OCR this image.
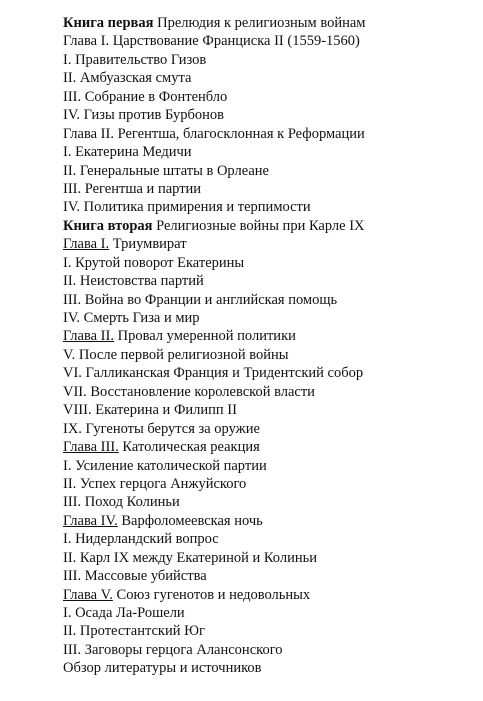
Книга первая Прелюдия к религиозным войнам
Глава I. Царствование Франциска II (1559-1560)
I. Правительство Гизов
II. Амбуазская смута
III. Собрание в Фонтенбло
IV. Гизы против Бурбонов
Глава II. Регентша, благосклонная к Реформации
I. Екатерина Медичи
II. Генеральные штаты в Орлеане
III. Регентша и партии
IV. Политика примирения и терпимости
Книга вторая Религиозные войны при Карле IX
Глава I. Триумвират
I. Крутой поворот Екатерины
II. Неистовства партий
III. Война во Франции и английская помощь
IV. Смерть Гиза и мир
Глава II. Провал умеренной политики
V. После первой религиозной войны
VI. Галликанская Франция и Тридентский собор
VII. Восстановление королевской власти
VIII. Екатерина и Филипп II
IX. Гугеноты берутся за оружие
Глава III. Католическая реакция
I. Усиление католической партии
II. Успех герцога Анжуйского
III. Поход Колиньи
Глава IV. Варфоломеевская ночь
I. Нидерландский вопрос
II. Карл IX между Екатериной и Колиньи
III. Массовые убийства
Глава V. Союз гугенотов и недовольных
I. Осада Ла-Рошели
II. Протестантский Юг
III. Заговоры герцога Алансонского
Обзор литературы и источников
